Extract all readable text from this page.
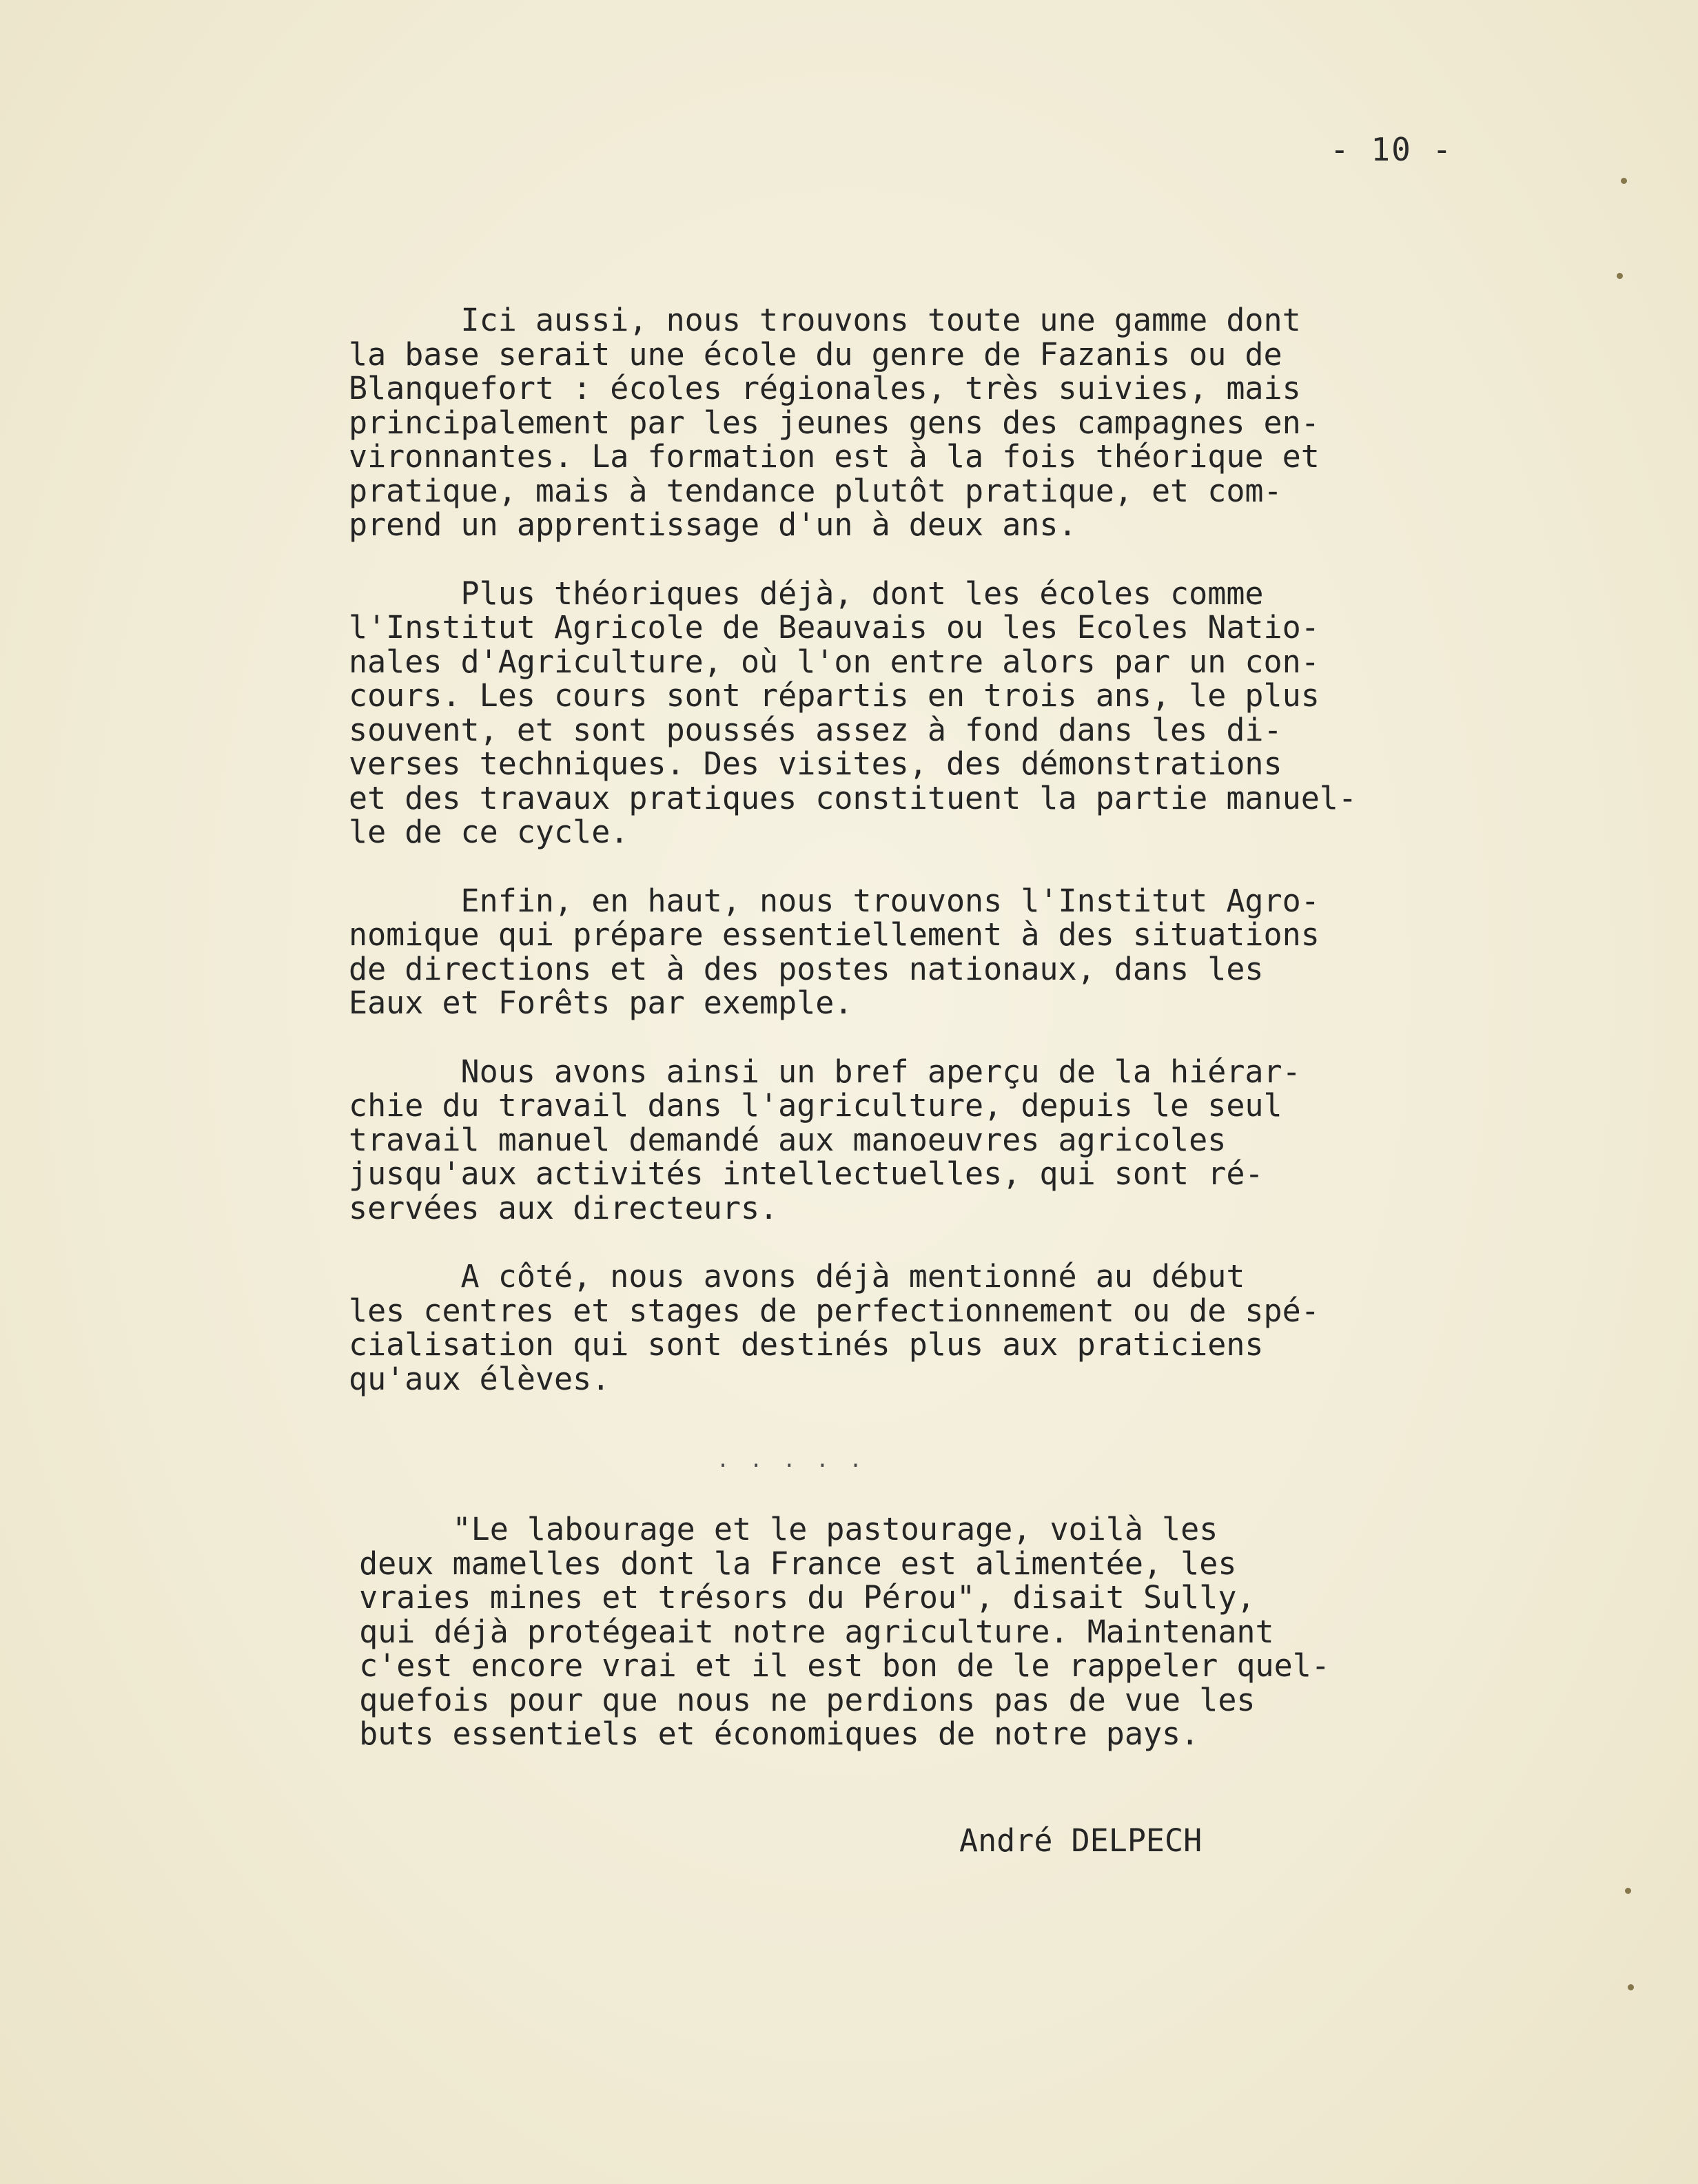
- 10 -
Ici aussi, nous trouvons toute une gamme dont
la base serait une école du genre de Fazanis ou de
Blanquefort : écoles régionales, très suivies, mais
principalement par les jeunes gens des campagnes en-
vironnantes. La formation est à la fois théorique et
pratique, mais à tendance plutôt pratique, et com-
prend un apprentissage d'un à deux ans.
Plus théoriques déjà, dont les écoles comme
l'Institut Agricole de Beauvais ou les Ecoles Natio-
nales d'Agriculture, où l'on entre alors par un con-
cours. Les cours sont répartis en trois ans, le plus
souvent, et sont poussés assez à fond dans les di-
verses techniques. Des visites, des démonstrations
et des travaux pratiques constituent la partie manuel-
le de ce cycle.
Enfin, en haut, nous trouvons l'Institut Agro-
nomique qui prépare essentiellement à des situations
de directions et à des postes nationaux, dans les
Eaux et Forêts par exemple.
Nous avons ainsi un bref aperçu de la hiérar-
chie du travail dans l'agriculture, depuis le seul
travail manuel demandé aux manoeuvres agricoles
jusqu'aux activités intellectuelles, qui sont ré-
servées aux directeurs.
A côté, nous avons déjà mentionné au début
les centres et stages de perfectionnement ou de spé-
cialisation qui sont destinés plus aux praticiens
qu'aux élèves.
. . . . .
"Le labourage et le pastourage, voilà les
deux mamelles dont la France est alimentée, les
vraies mines et trésors du Pérou", disait Sully,
qui déjà protégeait notre agriculture. Maintenant
c'est encore vrai et il est bon de le rappeler quel-
quefois pour que nous ne perdions pas de vue les
buts essentiels et économiques de notre pays.
André DELPECH
